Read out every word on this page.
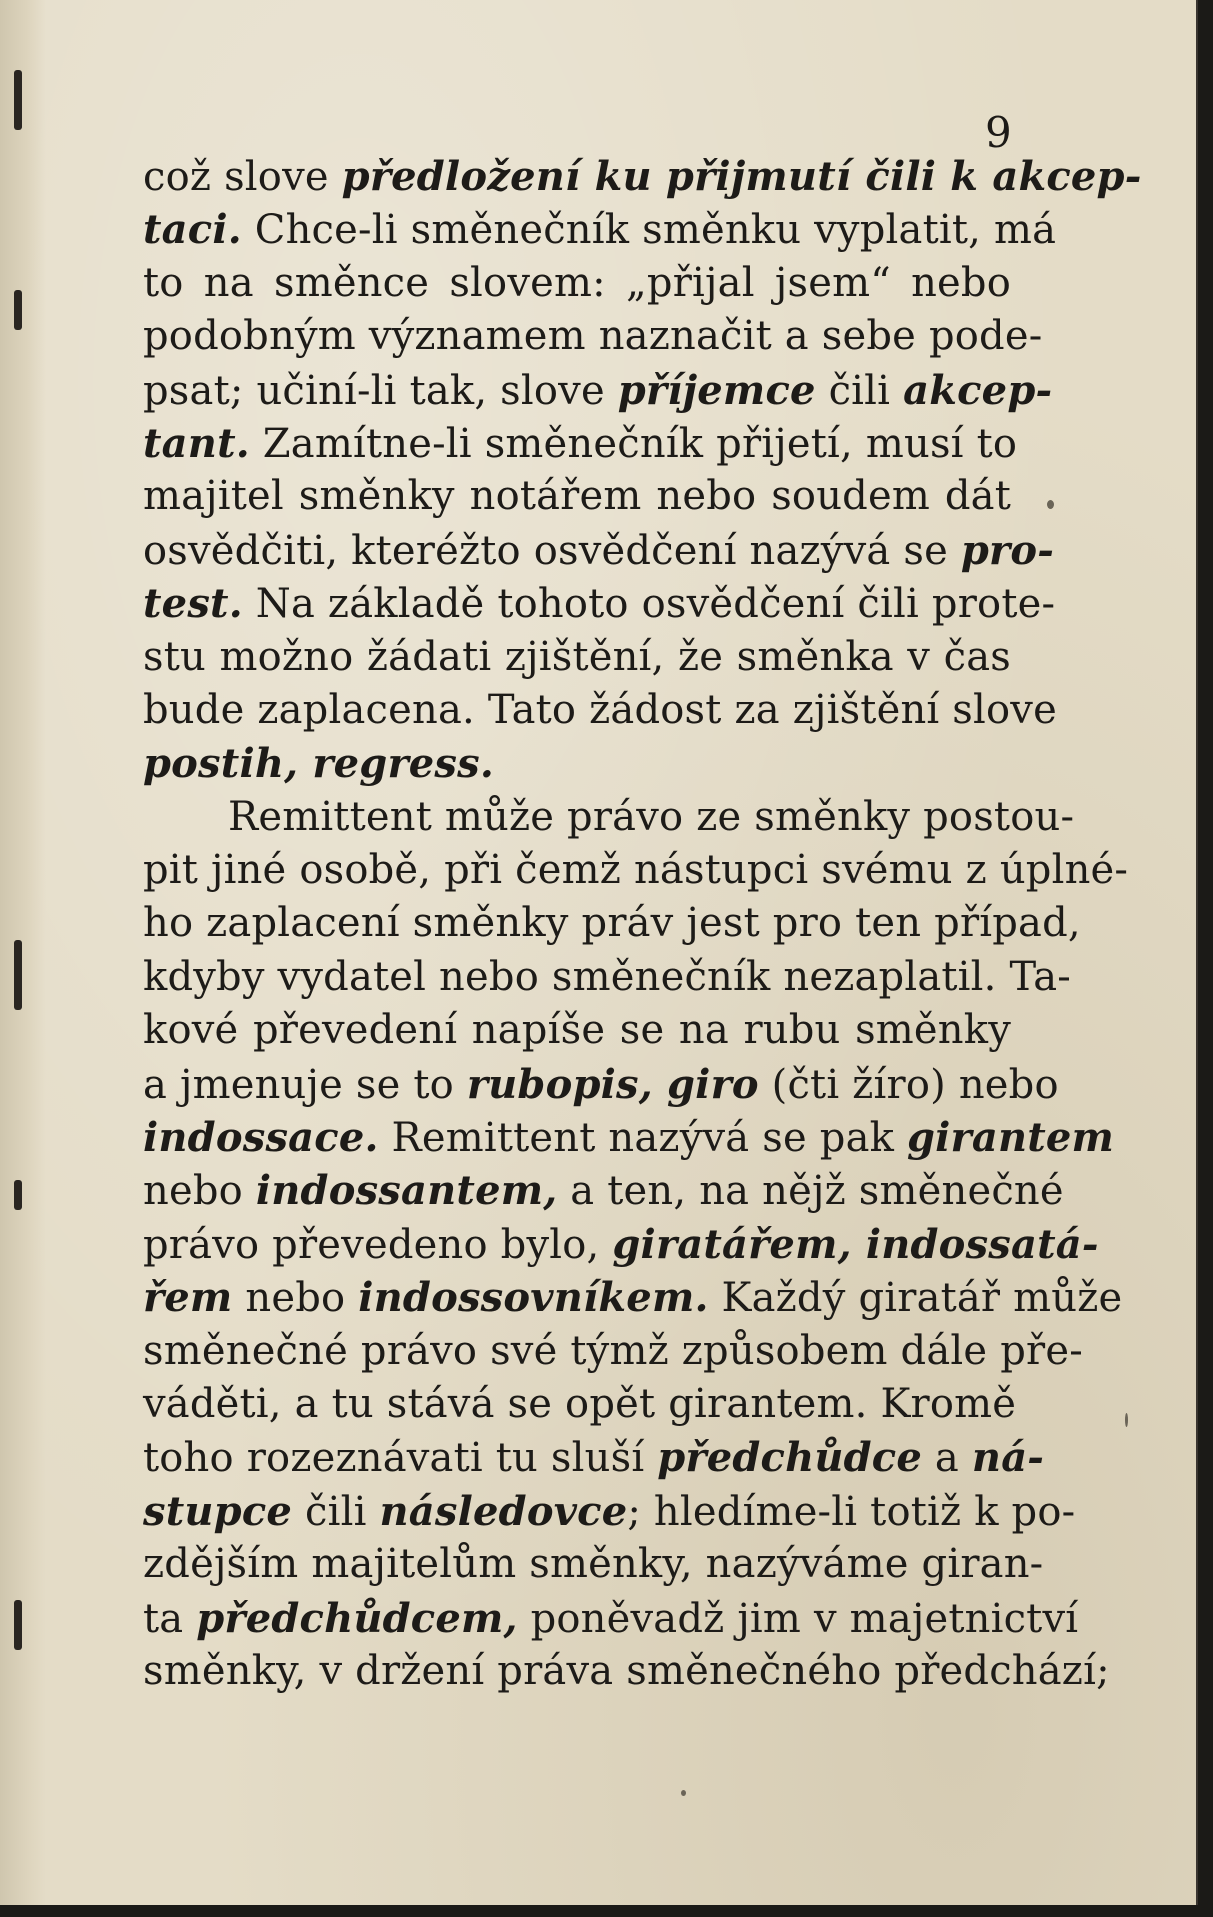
9
což slove předložení ku přijmutí čili k akcep-
taci. Chce-li směnečník směnku vyplatit, má
to na směnce slovem: „přijal jsem“ nebo
podobným významem naznačit a sebe pode-
psat; učiní-li tak, slove příjemce čili akcep-
tant. Zamítne-li směnečník přijetí, musí to
majitel směnky notářem nebo soudem dát
osvědčiti, kteréžto osvědčení nazývá se pro-
test. Na základě tohoto osvědčení čili prote-
stu možno žádati zjištění, že směnka v čas
bude zaplacena. Tato žádost za zjištění slove
postih, regress.
Remittent může právo ze směnky postou-
pit jiné osobě, při čemž nástupci svému z úplné-
ho zaplacení směnky práv jest pro ten případ,
kdyby vydatel nebo směnečník nezaplatil. Ta-
kové převedení napíše se na rubu směnky
a jmenuje se to rubopis, giro (čti žíro) nebo
indossace. Remittent nazývá se pak girantem
nebo indossantem, a ten, na nějž směnečné
právo převedeno bylo, giratářem, indossatá-
řem nebo indossovníkem. Každý giratář může
směnečné právo své týmž způsobem dále pře-
váděti, a tu stává se opět girantem. Kromě
toho rozeznávati tu sluší předchůdce a ná-
stupce čili následovce; hledíme-li totiž k po-
zdějším majitelům směnky, nazýváme giran-
ta předchůdcem, poněvadž jim v majetnictví
směnky, v držení práva směnečného předchází;
